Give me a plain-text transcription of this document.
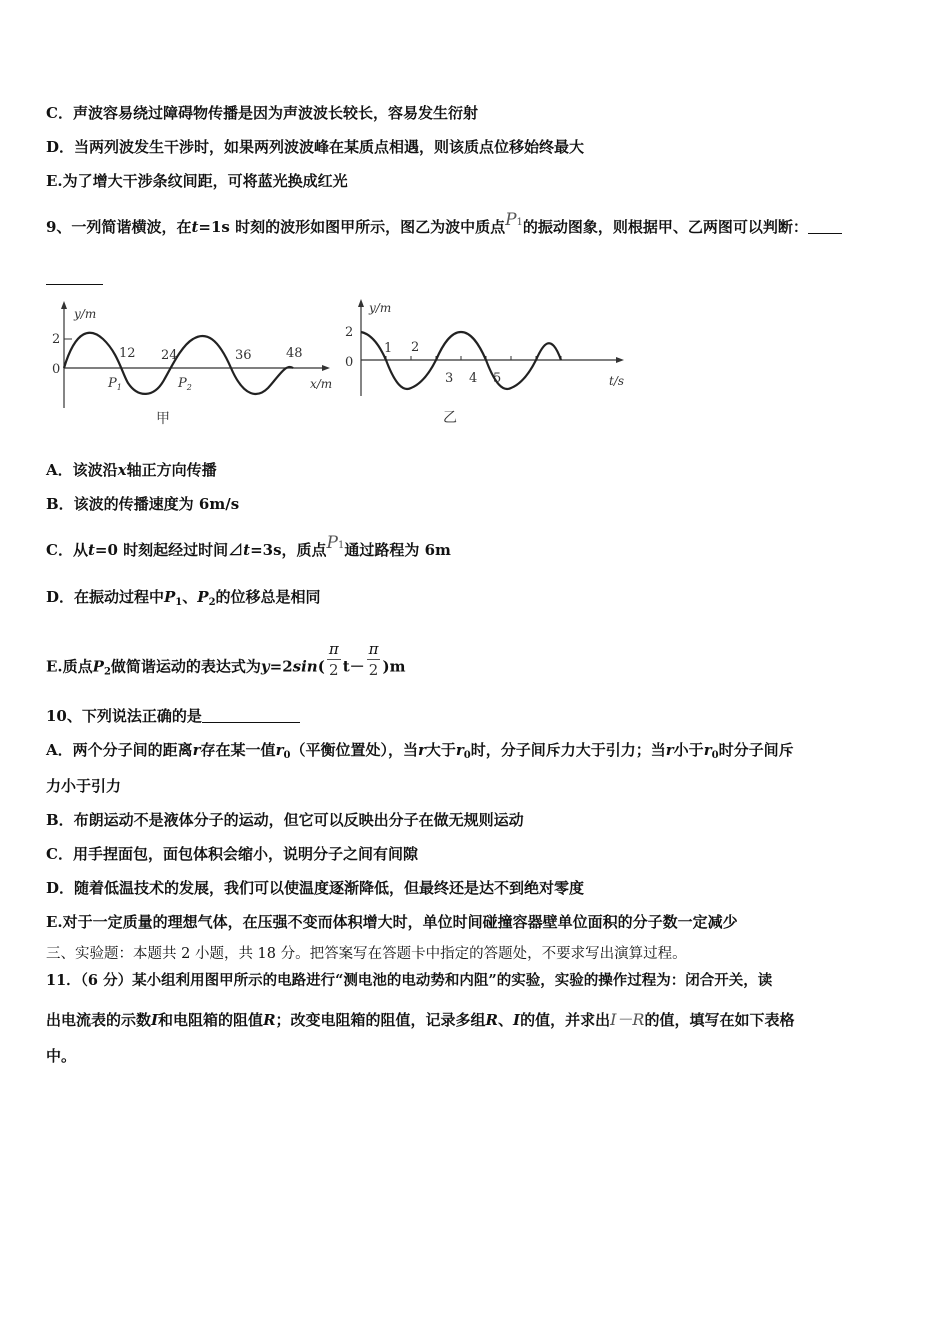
C．声波容易绕过障碍物传播是因为声波波长较长，容易发生衍射
D．当两列波发生干涉时，如果两列波波峰在某质点相遇，则该质点位移始终最大
E.为了增大干涉条纹间距，可将蓝光换成红光
9、一列简谐横波，在t=1s 时刻的波形如图甲所示，图乙为波中质点P1的振动图象，则根据甲、乙两图可以判断：
y/m
2
0
12 24	36	48
$P_1$	$P_2$	x/m
甲
y/m
2
0
1 2
3 4 5	t/s
乙
A．该波沿x轴正方向传播
B．该波的传播速度为 6m/s
C．从t=0 时刻起经过时间⊿t=3s，质点P1通过路程为 6m
D．在振动过程中$P_1$、$P_2$的位移总是相同
E.质点$P_2$做简谐运动的表达式为$y=2\sin( \frac{\pi}{2} t- \frac{\pi}{2} )m$
10、下列说法正确的是
A．两个分子间的距离r存在某一值$r_0$（平衡位置处），当r大于$r_0$时，分子间斥力大于引力；当r小于$r_0$时分子间斥
力小于引力
B．布朗运动不是液体分子的运动，但它可以反映出分子在做无规则运动
C．用手捏面包，面包体积会缩小，说明分子之间有间隙
D．随着低温技术的发展，我们可以使温度逐渐降低，但最终还是达不到绝对零度
E.对于一定质量的理想气体，在压强不变而体积增大时，单位时间碰撞容器壁单位面积的分子数一定减少
三、实验题：本题共 2 小题，共 18 分。把答案写在答题卡中指定的答题处，不要求写出演算过程。
11．（6 分）某小组利用图甲所示的电路进行“测电池的电动势和内阻”的实验，实验的操作过程为：闭合开关，读
出电流表的示数I和电阻箱的阻值R；改变电阻箱的阻值，记录多组R、I的值，并求出I－R的值，填写在如下表格
中。
